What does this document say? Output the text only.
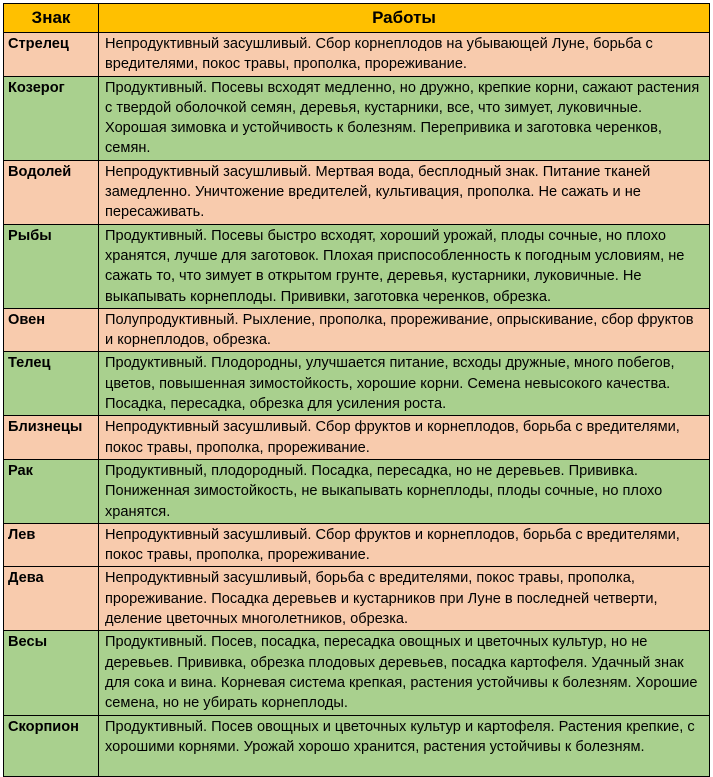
Знак	Работы
Стрелец	Непродуктивный засушливый. Сбор корнеплодов на убывающей Луне, борьба с вредителями, покос травы, прополка, прореживание.
Козерог	Продуктивный. Посевы всходят медленно, но дружно, крепкие корни, сажают растения с твердой оболочкой семян, деревья, кустарники, все, что зимует, луковичные. Хорошая зимовка и устойчивость к болезням. Перепривика и заготовка черенков, семян.
Водолей	Непродуктивный засушливый. Мертвая вода, бесплодный знак. Питание тканей замедленно. Уничтожение вредителей, культивация, прополка. Не сажать и не пересаживать.
Рыбы	Продуктивный. Посевы быстро всходят, хороший урожай, плоды сочные, но плохо хранятся, лучше для заготовок. Плохая приспособленность к погодным условиям, не сажать то, что зимует в открытом грунте, деревья, кустарники, луковичные. Не выкапывать корнеплоды. Прививки, заготовка черенков, обрезка.
Овен	Полупродуктивный. Рыхление, прополка, прореживание, опрыскивание, сбор фруктов и корнеплодов, обрезка.
Телец	Продуктивный. Плодородны, улучшается питание, всходы дружные, много побегов, цветов, повышенная зимостойкость, хорошие корни. Семена невысокого качества. Посадка, пересадка, обрезка для усиления роста.
Близнецы	Непродуктивный засушливый. Сбор фруктов и корнеплодов, борьба с вредителями, покос травы, прополка, прореживание.
Рак	Продуктивный, плодородный. Посадка, пересадка, но не деревьев. Прививка. Пониженная зимостойкость, не выкапывать корнеплоды, плоды сочные, но плохо хранятся.
Лев	Непродуктивный засушливый. Сбор фруктов и корнеплодов, борьба с вредителями, покос травы, прополка, прореживание.
Дева	Непродуктивный засушливый, борьба с вредителями, покос травы, прополка, прореживание. Посадка деревьев и кустарников при Луне в последней четверти, деление цветочных многолетников, обрезка.
Весы	Продуктивный. Посев, посадка, пересадка овощных и цветочных культур, но не деревьев. Прививка, обрезка плодовых деревьев, посадка картофеля. Удачный знак для сока и вина. Корневая система крепкая, растения устойчивы к болезням. Хорошие семена, но не убирать корнеплоды.
Скорпион	Продуктивный. Посев овощных и цветочных культур и картофеля. Растения крепкие, с хорошими корнями. Урожай хорошо хранится, растения устойчивы к болезням.
